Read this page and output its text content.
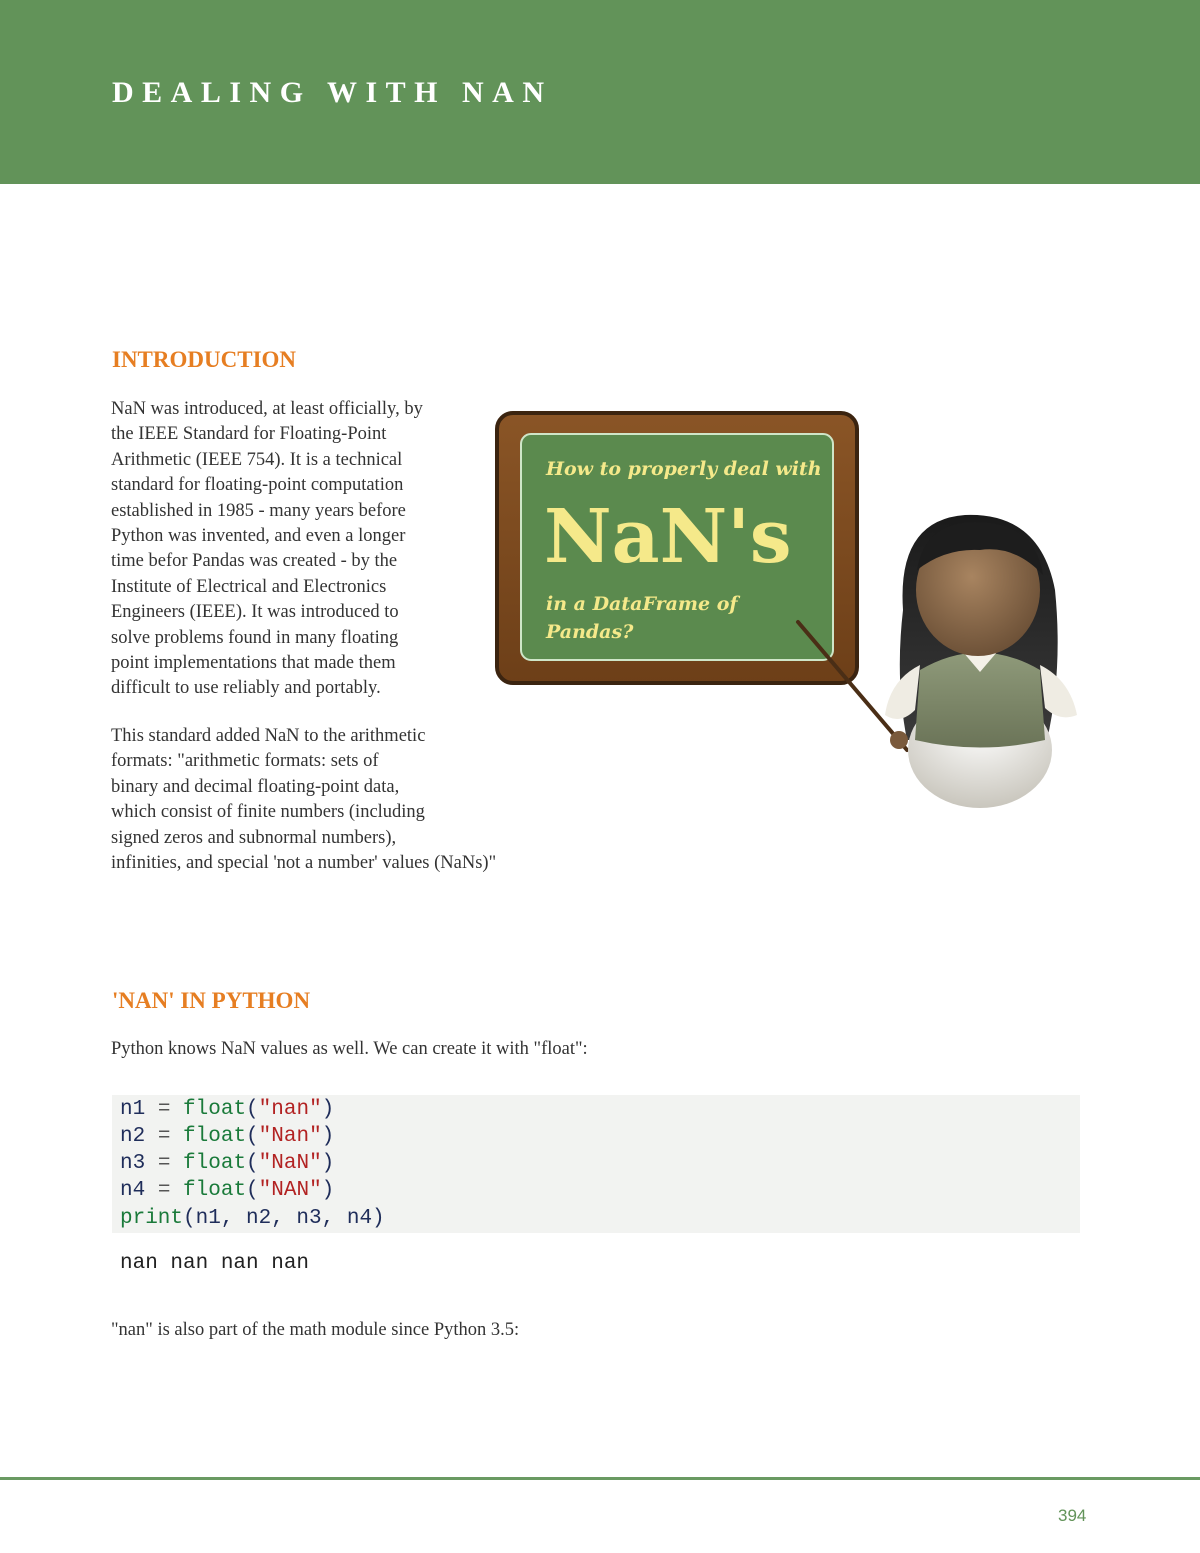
DEALING WITH NAN
INTRODUCTION

NaN was introduced, at least officially, by
the IEEE Standard for Floating-Point
Arithmetic (IEEE 754). It is a technical
standard for floating-point computation
established in 1985 - many years before
Python was invented, and even a longer
time befor Pandas was created - by the
Institute of Electrical and Electronics
Engineers (IEEE). It was introduced to
solve problems found in many floating
point implementations that made them
difficult to use reliably and portably.

This standard added NaN to the arithmetic
formats: "arithmetic formats: sets of
binary and decimal floating-point data,
which consist of finite numbers (including
signed zeros and subnormal numbers),
infinities, and special 'not a number' values (NaNs)"

How to properly deal with
NaN's
in a DataFrame of
Pandas?
'NAN' IN PYTHON

Python knows NaN values as well. We can create it with "float":

n1 = float("nan")
n2 = float("Nan")
n3 = float("NaN")
n4 = float("NAN")
print(n1, n2, n3, n4)
nan nan nan nan

"nan" is also part of the math module since Python 3.5:

394
